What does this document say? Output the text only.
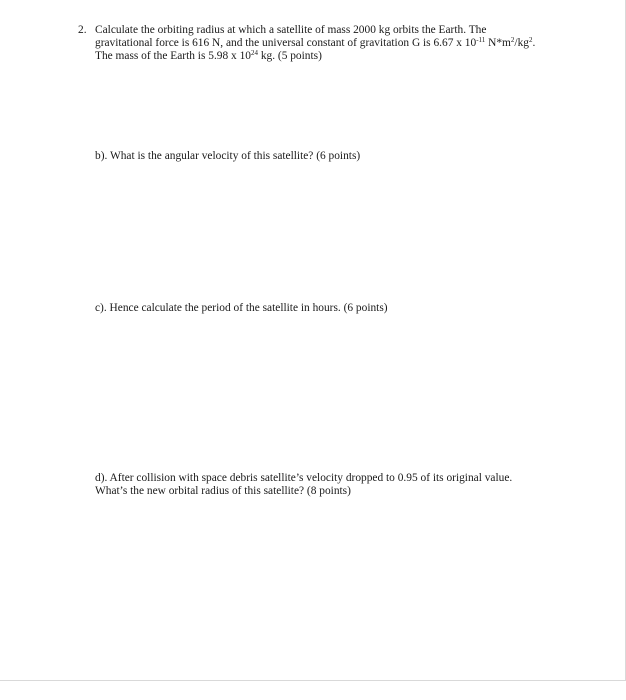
2. Calculate the orbiting radius at which a satellite of mass 2000 kg orbits the Earth. The
gravitational force is 616 N, and the universal constant of gravitation G is 6.67 x $10^{-11}$ $N*m^2/kg^2$.
The mass of the Earth is 5.98 x $10^{24}$ kg. (5 points)
b). What is the angular velocity of this satellite? (6 points)
c). Hence calculate the period of the satellite in hours. (6 points)
d). After collision with space debris satellite’s velocity dropped to 0.95 of its original value.
What’s the new orbital radius of this satellite? (8 points)
